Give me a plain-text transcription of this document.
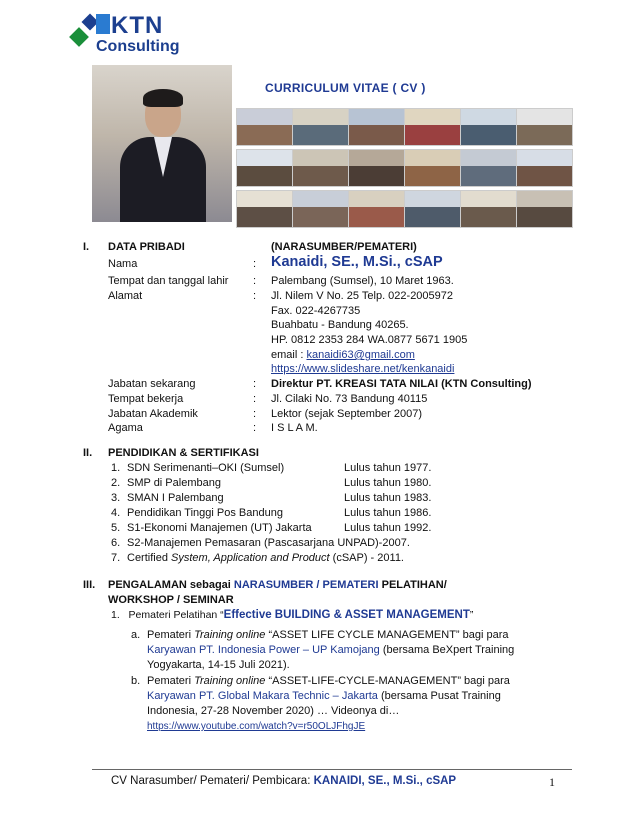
KTN
Consulting
CURRICULUM VITAE ( CV )
I. DATA PRIBADI	(NARASUMBER/PEMATERI)
Nama	: Kanaidi, SE., M.Si., cSAP
Tempat dan tanggal lahir : Palembang (Sumsel), 10 Maret 1963.
Alamat	: Jl. Nilem V No. 25 Telp. 022-2005972
Fax. 022-4267735
Buahbatu - Bandung 40265.
HP. 0812 2353 284 WA.0877 5671 1905
email : kanaidi63@gmail.com
https://www.slideshare.net/kenkanaidi
Jabatan sekarang	: Direktur PT. KREASI TATA NILAI (KTN Consulting)
Tempat bekerja	: Jl. Cilaki No. 73 Bandung 40115
Jabatan Akademik	: Lektor (sejak September 2007)
Agama	: I S L A M.
II. PENDIDIKAN & SERTIFIKASI
1. SDN Serimenanti–OKI (Sumsel)	Lulus tahun 1977.
2. SMP di Palembang	Lulus tahun 1980.
3. SMAN I Palembang	Lulus tahun 1983.
4. Pendidikan Tinggi Pos Bandung	Lulus tahun 1986.
5. S1-Ekonomi Manajemen (UT) Jakarta	Lulus tahun 1992.
6. S2-Manajemen Pemasaran (Pascasarjana UNPAD)-2007.
7. Certified System, Application and Product (cSAP) - 2011.
III. PENGALAMAN sebagai NARASUMBER / PEMATERI PELATIHAN/
WORKSHOP / SEMINAR
1. Pemateri Pelatihan “Effective BUILDING & ASSET MANAGEMENT”
a. Pemateri Training online “ASSET LIFE CYCLE MANAGEMENT” bagi para
Karyawan PT. Indonesia Power – UP Kamojang (bersama BeXpert Training
Yogyakarta, 14-15 Juli 2021).
b. Pemateri Training online “ASSET-LIFE-CYCLE-MANAGEMENT” bagi para
Karyawan PT. Global Makara Technic – Jakarta (bersama Pusat Training
Indonesia, 27-28 November 2020) … Videonya di…
https://www.youtube.com/watch?v=r50OLJFhgJE
CV Narasumber/ Pemateri/ Pembicara: KANAIDI, SE., M.Si., cSAP	1
